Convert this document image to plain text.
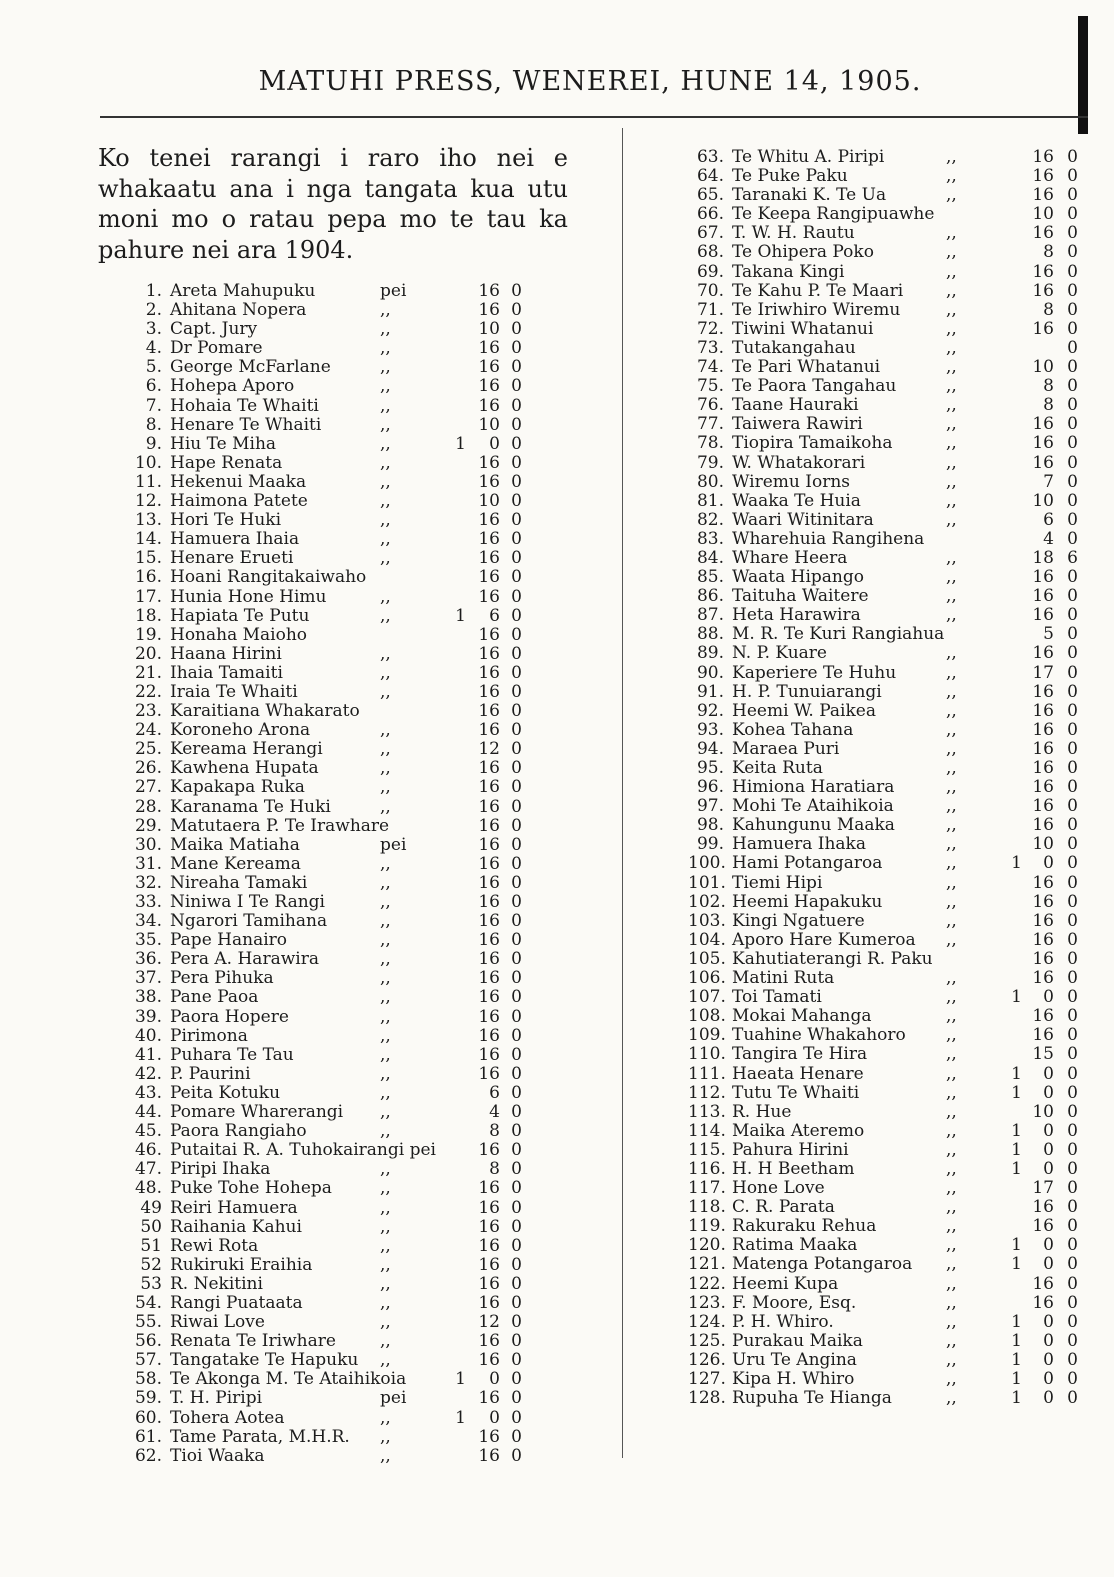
MATUHI PRESS, WENEREI, HUNE 14, 1905.
Ko tenei rarangi i raro iho nei e whakaatu ana i nga tangata kua utu moni mo o ratau pepa mo te tau ka pahure nei ara 1904.
1. Areta Mahupuku	pei	16 0
2. Ahitana Nopera	,,	16 0
3. Capt. Jury	,,	10 0
4. Dr Pomare	,,	16 0
5. George McFarlane	,,	16 0
6. Hohepa Aporo	,,	16 0
7. Hohaia Te Whaiti	,,	16 0
8. Henare Te Whaiti	,,	10 0
9. Hiu Te Miha	,,	1	0 0
10. Hape Renata	,,	16 0
11. Hekenui Maaka	,,	16 0
12. Haimona Patete	,,	10 0
13. Hori Te Huki	,,	16 0
14. Hamuera Ihaia	,,	16 0
15. Henare Erueti	,,	16 0
16. Hoani Rangitakaiwaho	16 0
17. Hunia Hone Himu	,,	16 0
18. Hapiata Te Putu	,,	1	6 0
19. Honaha Maioho	16 0
20. Haana Hirini	,,	16 0
21. Ihaia Tamaiti	,,	16 0
22. Iraia Te Whaiti	,,	16 0
23. Karaitiana Whakarato	16 0
24. Koroneho Arona	,,	16 0
25. Kereama Herangi	,,	12 0
26. Kawhena Hupata	,,	16 0
27. Kapakapa Ruka	,,	16 0
28. Karanama Te Huki	,,	16 0
29. Matutaera P. Te Irawhare	16 0
30. Maika Matiaha	pei	16 0
31. Mane Kereama	,,	16 0
32. Nireaha Tamaki	,,	16 0
33. Niniwa I Te Rangi	,,	16 0
34. Ngarori Tamihana	,,	16 0
35. Pape Hanairo	,,	16 0
36. Pera A. Harawira	,,	16 0
37. Pera Pihuka	,,	16 0
38. Pane Paoa	,,	16 0
39. Paora Hopere	,,	16 0
40. Pirimona	,,	16 0
41. Puhara Te Tau	,,	16 0
42. P. Paurini	,,	16 0
43. Peita Kotuku	,,	6 0
44. Pomare Wharerangi ,,	4 0
45. Paora Rangiaho	,,	8 0
46. Putaitai R. A. Tuhokairangi pei 16 0
47. Piripi Ihaka	,,	8 0
48. Puke Tohe Hohepa	,,	16 0
49 Reiri Hamuera	,,	16 0
50 Raihania Kahui	,,	16 0
51 Rewi Rota	,,	16 0
52 Rukiruki Eraihia	,,	16 0
53 R. Nekitini	,,	16 0
54. Rangi Puataata	,,	16 0
55. Riwai Love	,,	12 0
56. Renata Te Iriwhare	,,	16 0
57. Tangatake Te Hapuku ,,	16 0
58. Te Akonga M. Te Ataihikoia	1	0 0
59. T. H. Piripi	pei	16 0
60. Tohera Aotea	,,	1	0 0
61. Tame Parata, M.H.R. ,,	16 0
62. Tioi Waaka	,,	16 0
63. Te Whitu A. Piripi	,,	16 0
64. Te Puke Paku	,,	16 0
65. Taranaki K. Te Ua	,,	16 0
66. Te Keepa Rangipuawhe	10 0
67. T. W. H. Rautu	,,	16 0
68. Te Ohipera Poko	,,	8 0
69. Takana Kingi	,,	16 0
70. Te Kahu P. Te Maari	,,	16 0
71. Te Iriwhiro Wiremu	,,	8 0
72. Tiwini Whatanui	,,	16 0
73. Tutakangahau	,,	0
74. Te Pari Whatanui	,,	10 0
75. Te Paora Tangahau	,,	8 0
76. Taane Hauraki	,,	8 0
77. Taiwera Rawiri	,,	16 0
78. Tiopira Tamaikoha	,,	16 0
79. W. Whatakorari	,,	16 0
80. Wiremu Iorns	,,	7 0
81. Waaka Te Huia	,,	10 0
82. Waari Witinitara	,,	6 0
83. Wharehuia Rangihena	4 0
84. Whare Heera	,,	18 6
85. Waata Hipango	,,	16 0
86. Taituha Waitere	,,	16 0
87. Heta Harawira	,,	16 0
88. M. R. Te Kuri Rangiahua	5 0
89. N. P. Kuare	,,	16 0
90. Kaperiere Te Huhu	,,	17 0
91. H. P. Tunuiarangi	,,	16 0
92. Heemi W. Paikea	,,	16 0
93. Kohea Tahana	,,	16 0
94. Maraea Puri	,,	16 0
95. Keita Ruta	,,	16 0
96. Himiona Haratiara	,,	16 0
97. Mohi Te Ataihikoia	,,	16 0
98. Kahungunu Maaka	,,	16 0
99. Hamuera Ihaka	,,	10 0
100. Hami Potangaroa	,,	1	0 0
101. Tiemi Hipi	,,	16 0
102. Heemi Hapakuku	,,	16 0
103. Kingi Ngatuere	,,	16 0
104. Aporo Hare Kumeroa ,,	16 0
105. Kahutiaterangi R. Paku	16 0
106. Matini Ruta	,,	16 0
107. Toi Tamati	,,	1	0 0
108. Mokai Mahanga	,,	16 0
109. Tuahine Whakahoro ,,	16 0
110. Tangira Te Hira	,,	15 0
111. Haeata Henare	,,	1	0 0
112. Tutu Te Whaiti	,,	1	0 0
113. R. Hue	,,	10 0
114. Maika Ateremo	,,	1	0 0
115. Pahura Hirini	,,	1	0 0
116. H. H Beetham	,,	1	0 0
117. Hone Love	,,	17 0
118. C. R. Parata	,,	16 0
119. Rakuraku Rehua	,,	16 0
120. Ratima Maaka	,,	1	0 0
121. Matenga Potangaroa ,,	1	0 0
122. Heemi Kupa	,,	16 0
123. F. Moore, Esq.	,,	16 0
124. P. H. Whiro.	,,	1	0 0
125. Purakau Maika	,,	1	0 0
126. Uru Te Angina	,,	1	0 0
127. Kipa H. Whiro	,,	1	0 0
128. Rupuha Te Hianga	,,	1	0 0
